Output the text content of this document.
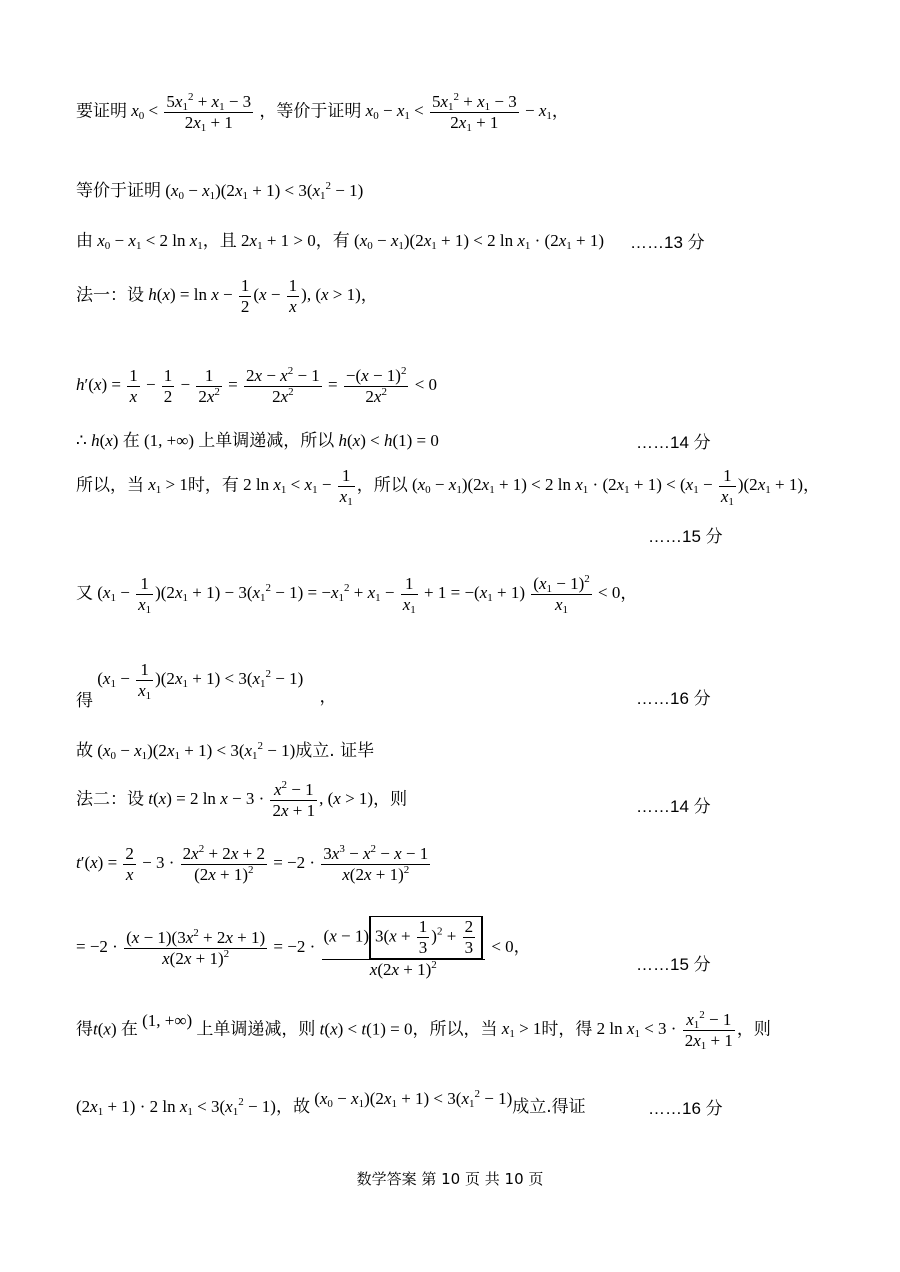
要证明 $x_0 < \frac{5x_1^2 + x_1 - 3}{2x_1 + 1}$ ，等价于证明 $x_0 - x_1 < \frac{5x_1^2 + x_1 - 3}{2x_1 + 1} - x_1$，
等价于证明 $(x_0 - x_1)(2x_1 + 1) < 3(x_1^2 - 1)$
由 $x_0 - x_1 < 2$ $\ln x_1$，且 $2x_1 + 1 > 0$，有 $(x_0 - x_1)(2x_1 + 1) < 2$ $\ln x_1 \cdot (2x_1 + 1)$	……13 分
法一：设 $h(x) = \ln x - \frac{1}{2} (x - \frac{1}{x}$ ), (x > 1)，
$h'(x) = \frac{1}{x} - \frac{1}{2} - \frac{1}{2x^2} = \frac{2x - x^2 - 1}{2x^2} = \frac{-(x - 1)^2}{2x^2} < 0$
∴ h(x) 在 (1, +∞) 上单调递减，所以 h(x) < h(1) = 0	……14 分
所以，当 $x_1 > 1$时，有 2 $\ln x_1 < x_1 - \frac{1}{x_1}$ ，所以 $(x_0 - x_1)(2x_1 + 1) < 2$ $\ln x_1 \cdot (2x_1 + 1) < (x_1 - \frac{1}{x_1} )(2x_1 + 1)$，
……15 分
又 $(x_1 - \frac{1}{x_1} )(2x_1 + 1) - 3(x_1^2 - 1) = -x_1^2 + x_1 - \frac{1}{x_1} + 1 = -(x_1 + 1) \frac{(x_1 - 1)^2}{x_1} < 0$，
得 $(x_1 - \frac{1}{x_1} )(2x_1 + 1) < 3(x_1^2 - 1)$ ，	……16 分
故 $(x_0 - x_1)(2x_1 + 1) < 3(x_1^2 - 1)$成立. 证毕
法二：设 t(x) = 2 $\ln x - 3 \cdot \frac{x^2 - 1}{2x + 1}$ , (x > 1)，则	……14 分
$t'(x) = \frac{2}{x} - 3 \cdot \frac{2x^2 + 2x + 2}{(2x + 1)^2} = -2 \cdot \frac{3x^3 - x^2 - x - 1}{x(2x + 1)^2}$
= $-2 \cdot \frac{(x - 1)(3x^2 + 2x + 1)}{x(2x + 1)^2} = -2 \cdot \frac{(x - 1) 3(x + \frac{1}{3} )^2 + \frac{2}{3}}{x(2x + 1)^2} < 0$，
……15 分
得t(x) 在 (1, +∞) 上单调递减，则 t(x) < t(1) = 0，所以，当 $x_1 > 1$时，得 2 $\ln x_1 < 3 \cdot \frac{x_1^2 - 1}{2x_1 + 1}$ ，则
$(2x_1 + 1) \cdot 2$ $\ln x_1 < 3(x_1^2 - 1)$，故 $(x_0 - x_1)(2x_1 + 1) < 3(x_1^2 - 1)$成立.得证	……16 分
数学答案 第 10 页 共 10 页
